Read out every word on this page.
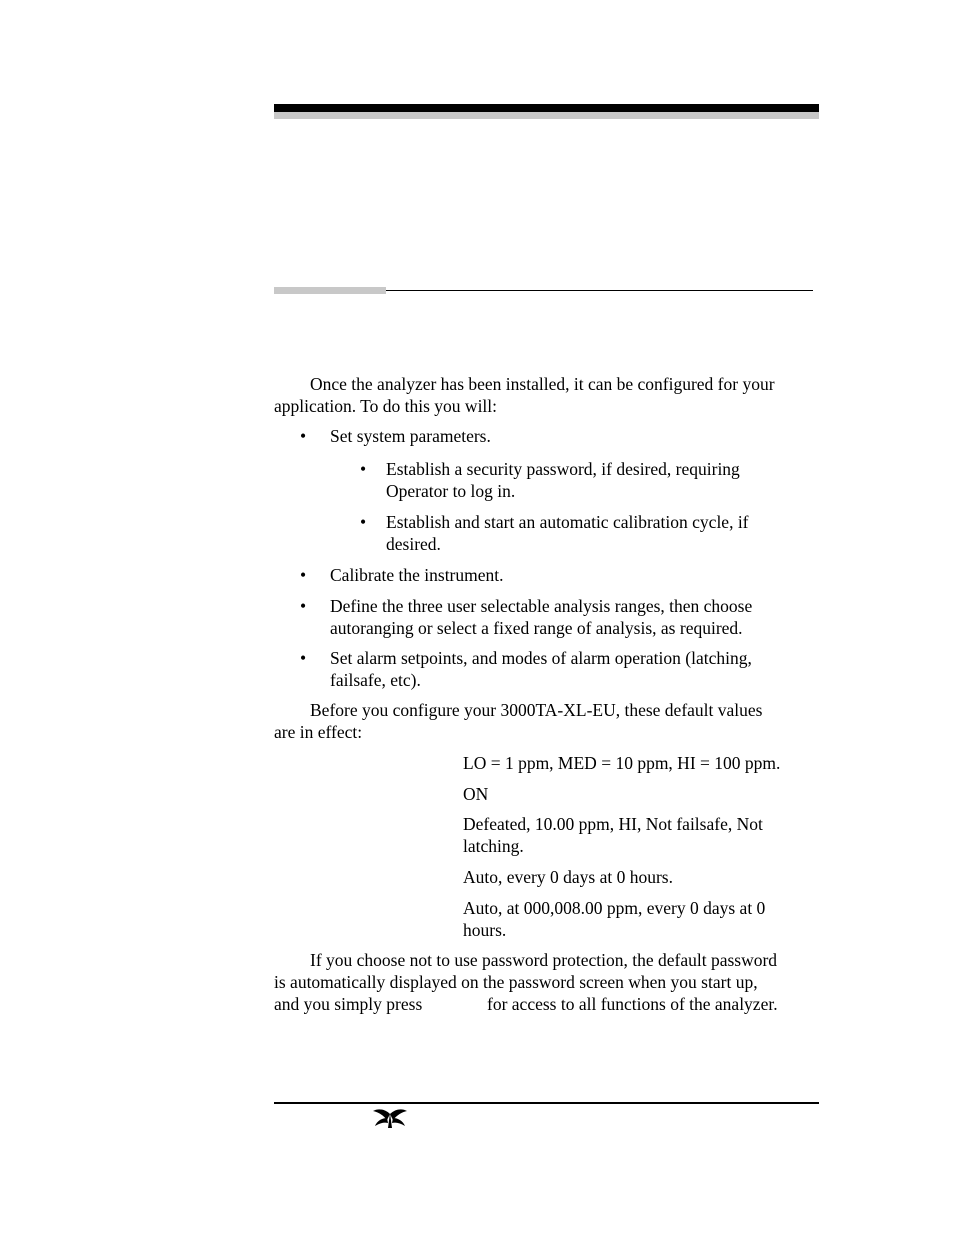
Once the analyzer has been installed, it can be configured for your
application. To do this you will:
• Set system parameters.
• Establish a security password, if desired, requiring
Operator to log in.
• Establish and start an automatic calibration cycle, if
desired.
• Calibrate the instrument.
• Define the three user selectable analysis ranges, then choose
autoranging or select a fixed range of analysis, as required.
• Set alarm setpoints, and modes of alarm operation (latching,
failsafe, etc).
Before you configure your 3000TA-XL-EU, these default values
are in effect:
LO = 1 ppm, MED = 10 ppm, HI = 100 ppm.
ON
Defeated, 10.00 ppm, HI, Not failsafe, Not
latching.
Auto, every 0 days at 0 hours.
Auto, at 000,008.00 ppm, every 0 days at 0
hours.
If you choose not to use password protection, the default password
is automatically displayed on the password screen when you start up,
and you simply press	for access to all functions of the analyzer.
